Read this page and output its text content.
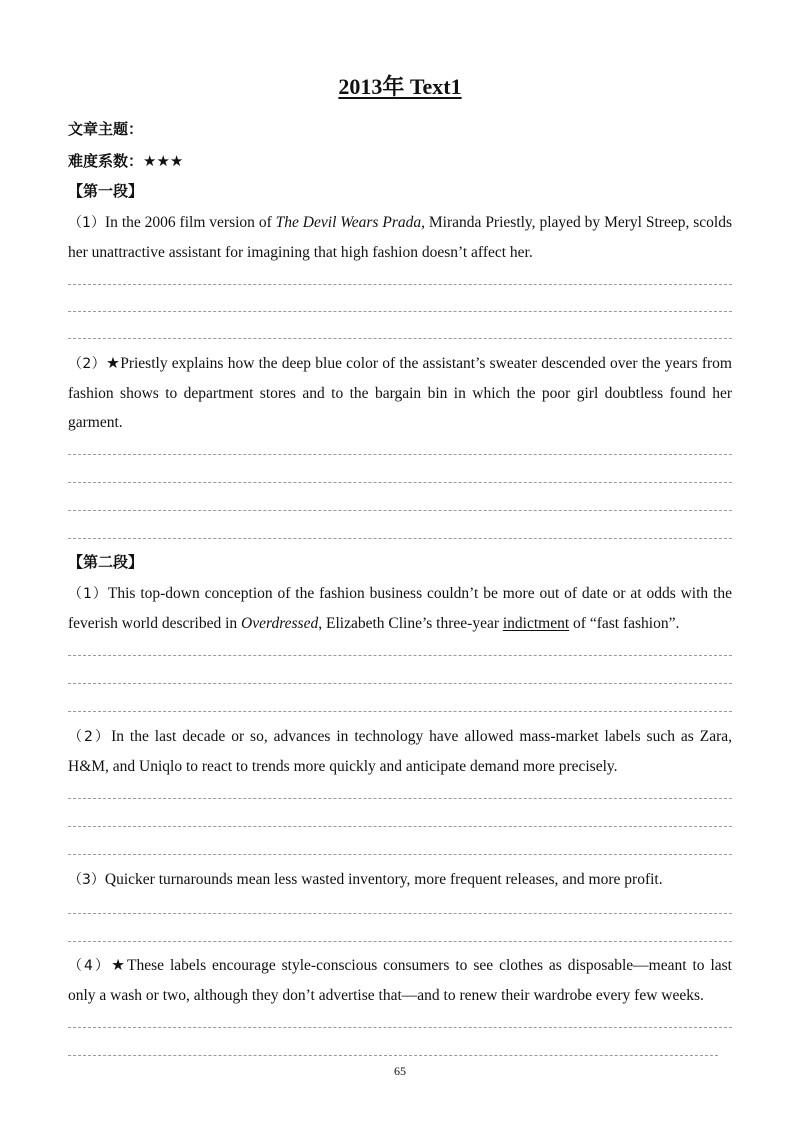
2013年 Text1
文章主题：
难度系数：★★★
【第一段】
（1）In the 2006 film version of The Devil Wears Prada, Miranda Priestly, played by Meryl Streep, scolds her unattractive assistant for imagining that high fashion doesn’t affect her.
（2）★Priestly explains how the deep blue color of the assistant’s sweater descended over the years from fashion shows to department stores and to the bargain bin in which the poor girl doubtless found her garment.
【第二段】
（1）This top-down conception of the fashion business couldn’t be more out of date or at odds with the feverish world described in Overdressed, Elizabeth Cline’s three-year indictment of “fast fashion”.
（2）In the last decade or so, advances in technology have allowed mass-market labels such as Zara, H&M, and Uniqlo to react to trends more quickly and anticipate demand more precisely.
（3）Quicker turnarounds mean less wasted inventory, more frequent releases, and more profit.
（4）★These labels encourage style-conscious consumers to see clothes as disposable—meant to last only a wash or two, although they don’t advertise that—and to renew their wardrobe every few weeks.
65
